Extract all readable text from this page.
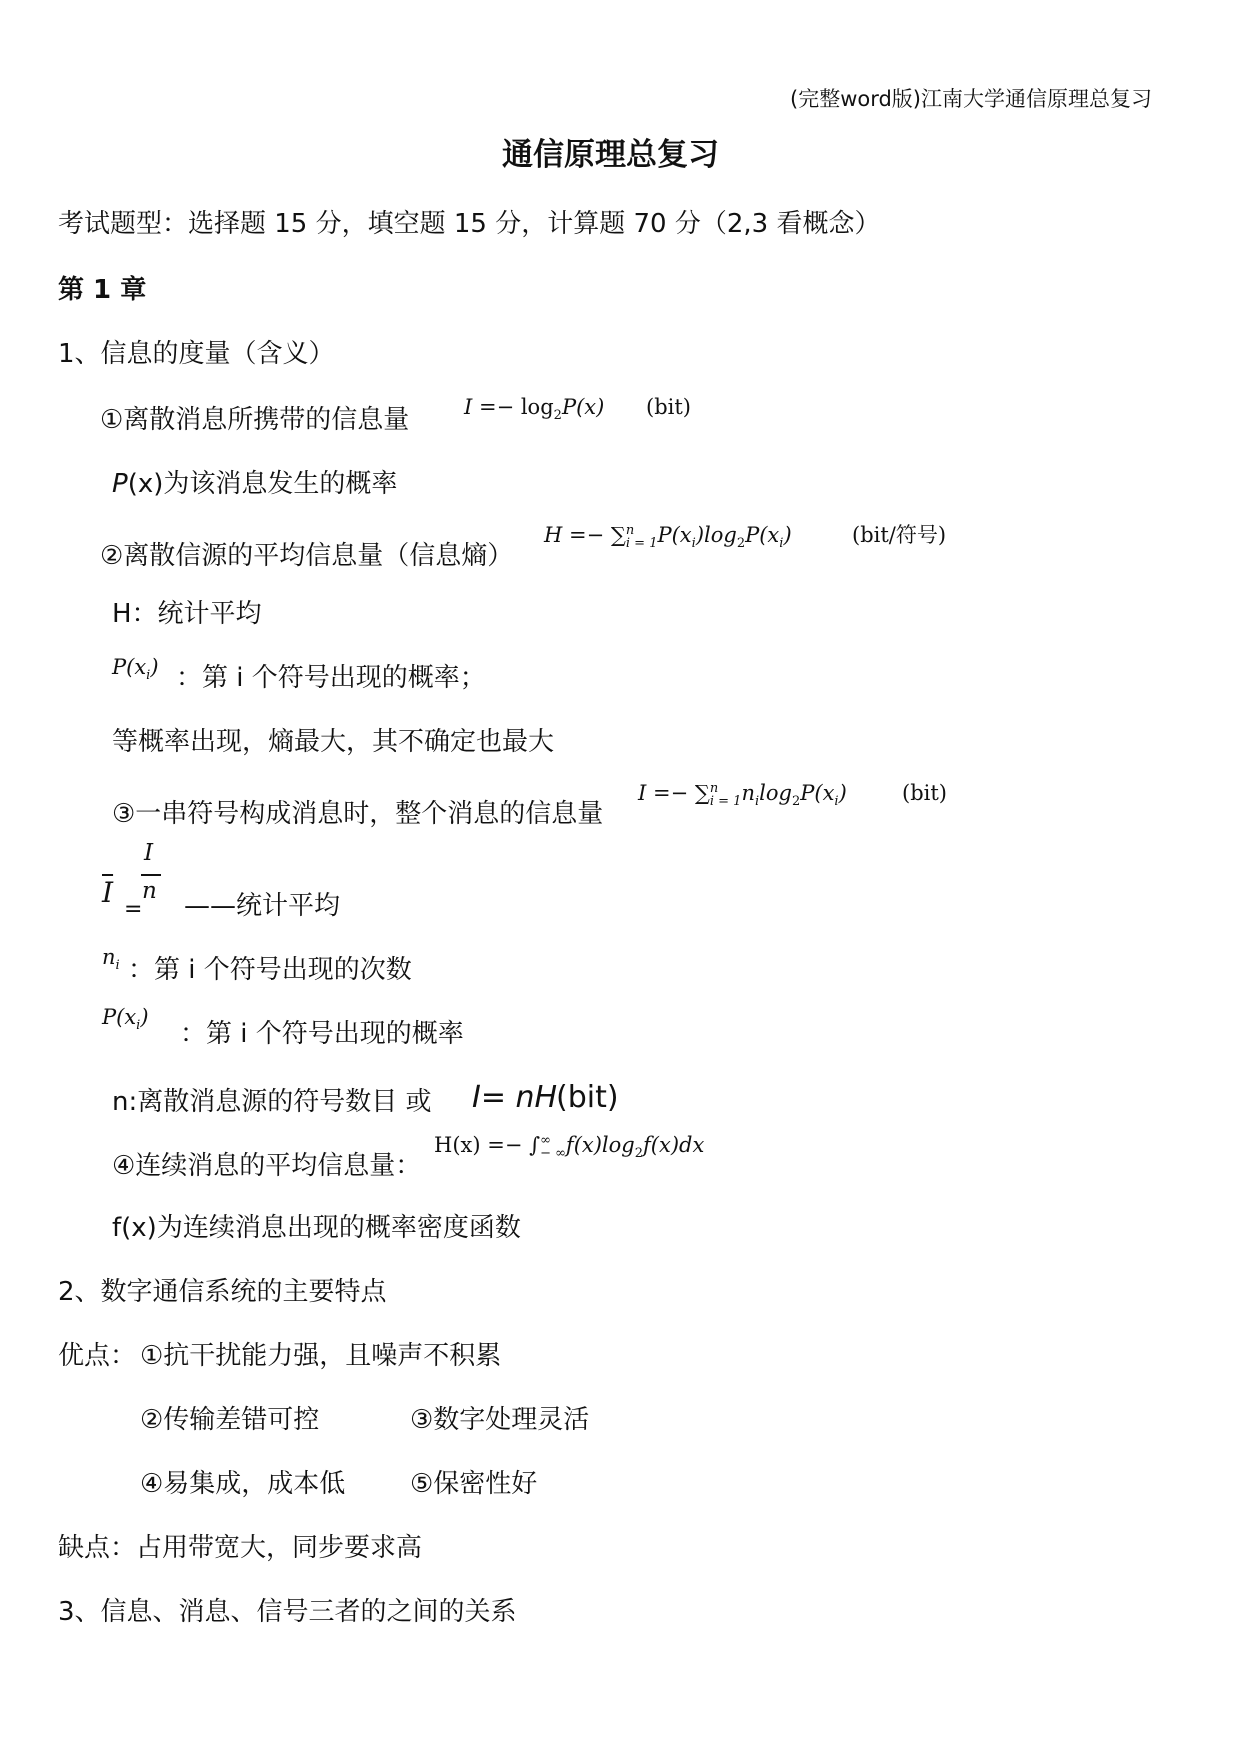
(完整word版)江南大学通信原理总复习
通信原理总复习
考试题型：选择题 15 分，填空题 15 分，计算题 70 分（2,3 看概念）
第 1 章
1、信息的度量（含义）
①离散消息所携带的信息量	$I =- \log_2P(x)$ (bit)
P(x)为该消息发生的概率
②离散信源的平均信息量（信息熵）
H =− ∑ n
i = 1 $P(x_i)\log_2P(x_i)$	(bit/符号)
H：统计平均
$P(x_i)$ ：第 i 个符号出现的概率；
等概率出现，熵最大，其不确定也最大
③一串符号构成消息时，整个消息的信息量
I =− ∑ n
i = 1 $n_i\log_2P(x_i)$	(bit)
$\overline{I}$
=
I
n ——统计平均
$n_i$ ：第 i 个符号出现的次数
$P(x_i)$
：第 i 个符号出现的概率
n:离散消息源的符号数目 或 I= nH
(bit)
④连续消息的平均信息量：
H(x) =− ∫ ∞
− ∞ $f(x)\log_2f(x)dx$
f(x)为连续消息出现的概率密度函数
2、数字通信系统的主要特点
优点： ①抗干扰能力强，且噪声不积累
②传输差错可控	③数字处理灵活
④易集成，成本低 ⑤保密性好
缺点：占用带宽大，同步要求高
3、信息、消息、信号三者的之间的关系
